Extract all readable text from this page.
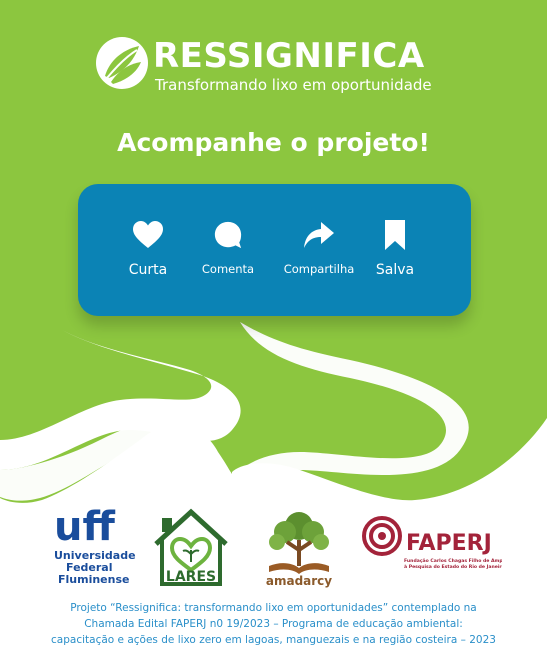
RESSIGNIFICA
Transformando lixo em oportunidade
Acompanhe o projeto!
Curta	Comenta	Compartilha Salva
uff
Universidade
Federal
Fluminense	LARES	amadarcy
FAPERJ
Fundação Carlos Chagas Filho de Amparo
à Pesquisa do Estado do Rio de Janeiro
Projeto “Ressignifica: transformando lixo em oportunidades” contemplado na
Chamada Edital FAPERJ n0 19/2023 – Programa de educação ambiental:
capacitação e ações de lixo zero em lagoas, manguezais e na região costeira – 2023
